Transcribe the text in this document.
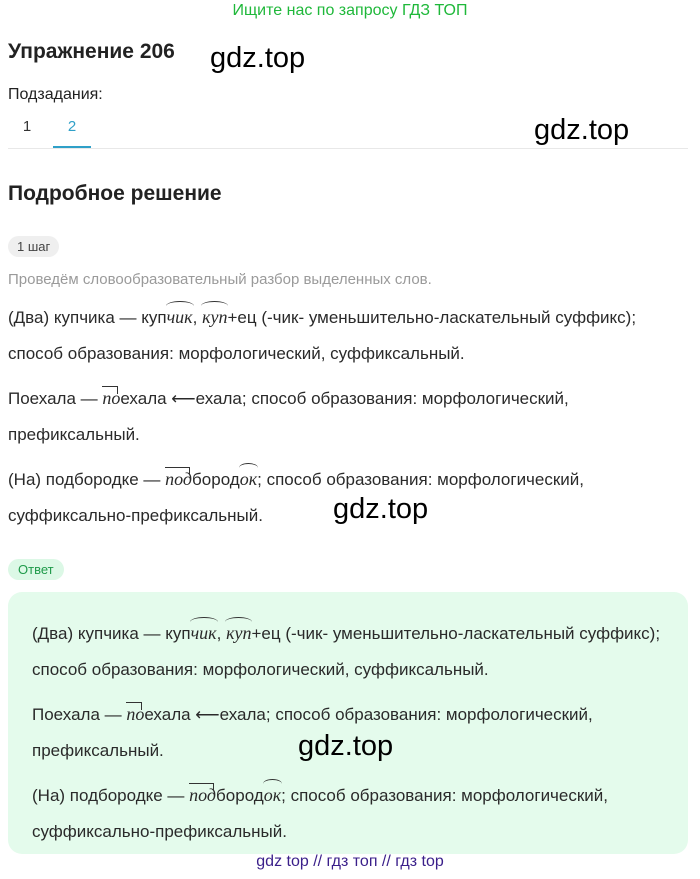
Ищите нас по запросу ГДЗ ТОП
Упражнение 206 gdz.top
gdz.top
Подзадания:
1	2
Подробное решение
1 шаг
Проведём словообразовательный разбор выделенных слов.
(Два) купчика — купчик, куп+ец (-чик- уменьшительно-ласкательный суффикс); способ образования: морфологический, суффиксальный.
Поехала — поехала ⟵ехала; способ образования: морфологический, префиксальный.
(На) подбородке — подбородок; способ образования: морфологический, суффиксально-префиксальный.	gdz.top
Ответ
(Два) купчика — купчик, куп+ец (-чик- уменьшительно-ласкательный суффикс); способ образования: морфологический, суффиксальный.
Поехала — поехала ⟵ехала; способ образования: морфологический, префиксальный.
(На) подбородке — подбородок; способ образования: морфологический, суффиксально-префиксальный.
gdz.top
gdz top // гдз топ // гдз top
